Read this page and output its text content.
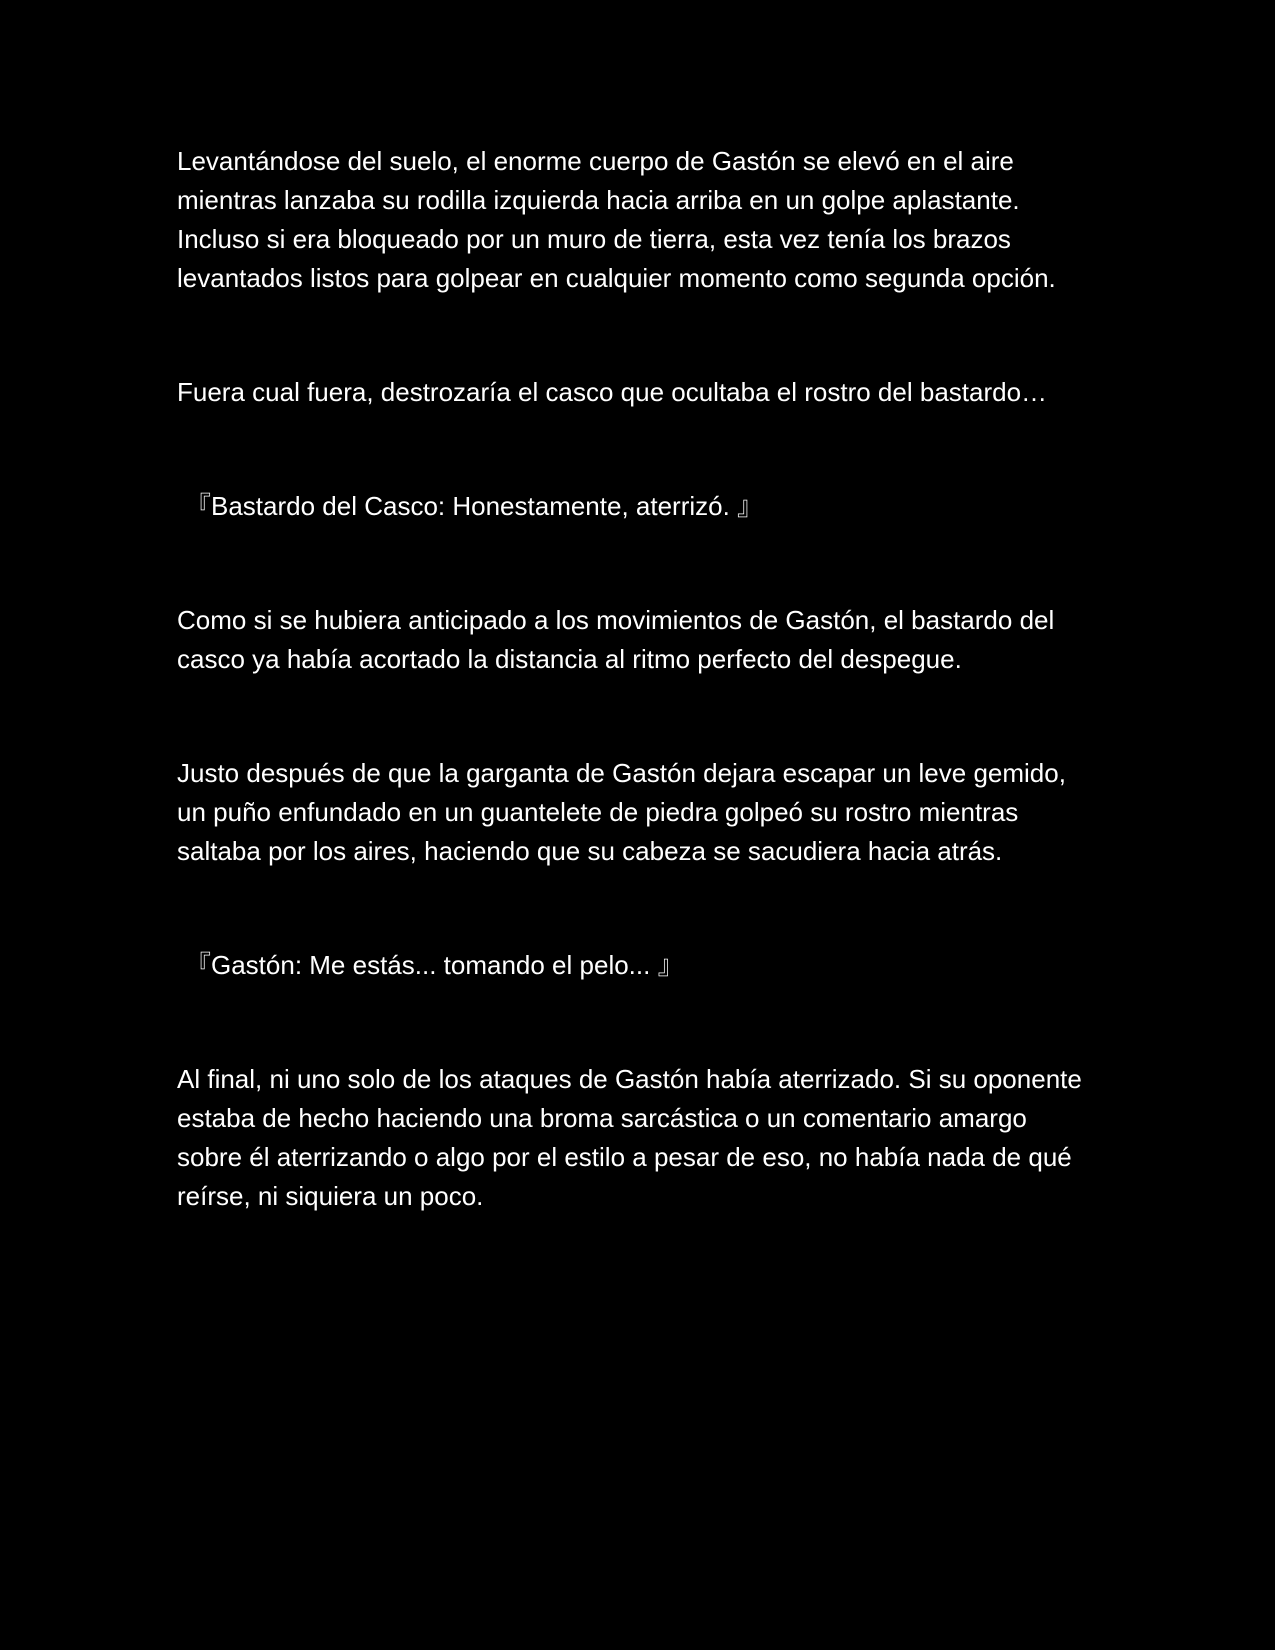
Levantándose del suelo, el enorme cuerpo de Gastón se elevó en el aire mientras lanzaba su rodilla izquierda hacia arriba en un golpe aplastante. Incluso si era bloqueado por un muro de tierra, esta vez tenía los brazos levantados listos para golpear en cualquier momento como segunda opción.

Fuera cual fuera, destrozaría el casco que ocultaba el rostro del bastardo…

『Bastardo del Casco: Honestamente, aterrizó. 』

Como si se hubiera anticipado a los movimientos de Gastón, el bastardo del casco ya había acortado la distancia al ritmo perfecto del despegue.

Justo después de que la garganta de Gastón dejara escapar un leve gemido, un puño enfundado en un guantelete de piedra golpeó su rostro mientras saltaba por los aires, haciendo que su cabeza se sacudiera hacia atrás.

『Gastón: Me estás... tomando el pelo... 』

Al final, ni uno solo de los ataques de Gastón había aterrizado. Si su oponente estaba de hecho haciendo una broma sarcástica o un comentario amargo sobre él aterrizando o algo por el estilo a pesar de eso, no había nada de qué reírse, ni siquiera un poco.
